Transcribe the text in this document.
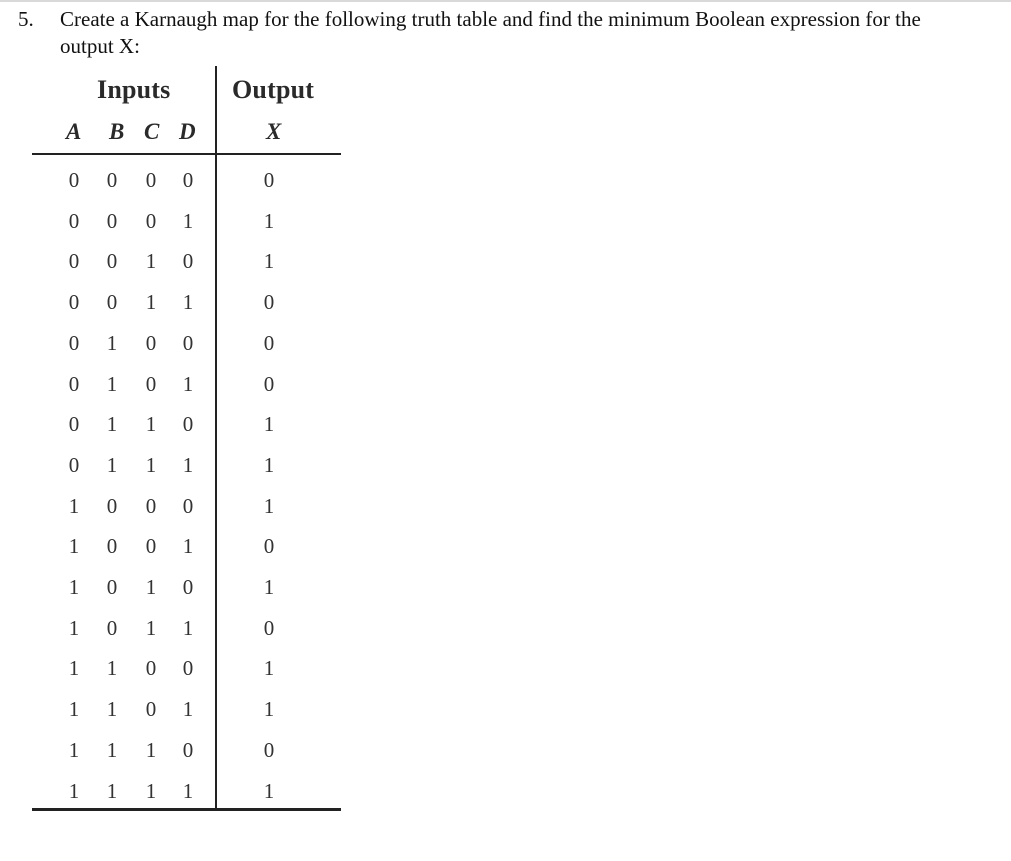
5. Create a Karnaugh map for the following truth table and find the minimum Boolean expression for the output X:
Inputs Output
A B C D	X
0 0 0 0	0
0 0 0 1	1
0 0 1 0	1
0 0 1 1	0
0 1 0 0	0
0 1 0 1	0
0 1 1 0	1
0 1 1 1	1
1 0 0 0	1
1 0 0 1	0
1 0 1 0	1
1 0 1 1	0
1 1 0 0	1
1 1 0 1	1
1 1 1 0	0
1 1 1 1	1
